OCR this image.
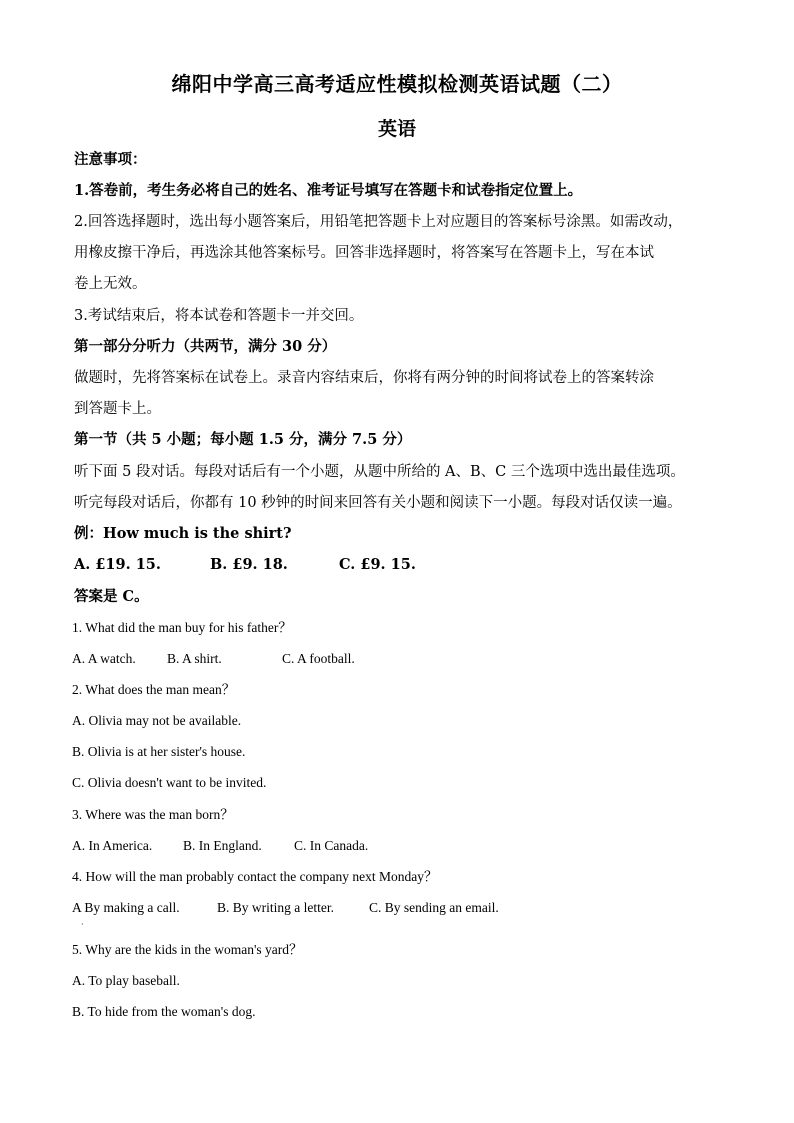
绵阳中学高三高考适应性模拟检测英语试题（二）
英语
注意事项：
1.答卷前，考生务必将自己的姓名、准考证号填写在答题卡和试卷指定位置上。
2.回答选择题时，选出每小题答案后，用铅笔把答题卡上对应题目的答案标号涂黑。如需改动，
用橡皮擦干净后，再选涂其他答案标号。回答非选择题时，将答案写在答题卡上，写在本试
卷上无效。
3.考试结束后，将本试卷和答题卡一并交回。
第一部分分听力（共两节，满分 30 分）
做题时，先将答案标在试卷上。录音内容结束后，你将有两分钟的时间将试卷上的答案转涂
到答题卡上。
第一节（共 5 小题；每小题 1.5 分，满分 7.5 分）
听下面 5 段对话。每段对话后有一个小题，从题中所给的 A、B、C 三个选项中选出最佳选项。
听完每段对话后，你都有 10 秒钟的时间来回答有关小题和阅读下一小题。每段对话仅读一遍。
例：How much is the shirt?
A. £19. 15.	B. £9. 18.	C. £9. 15.
答案是 C。
1. What did the man buy for his father？
A. A watch. B. A shirt.	C. A football.
2. What does the man mean？
A. Olivia may not be available.
B. Olivia is at her sister's house.
C. Olivia doesn't want to be invited.
3. Where was the man born？
A. In America. B. In England. C. In Canada.
4. How will the man probably contact the company next Monday？
A By making a call.	B. By writing a letter.	C. By sending an email.
·
5. Why are the kids in the woman's yard？
A. To play baseball.
B. To hide from the woman's dog.
